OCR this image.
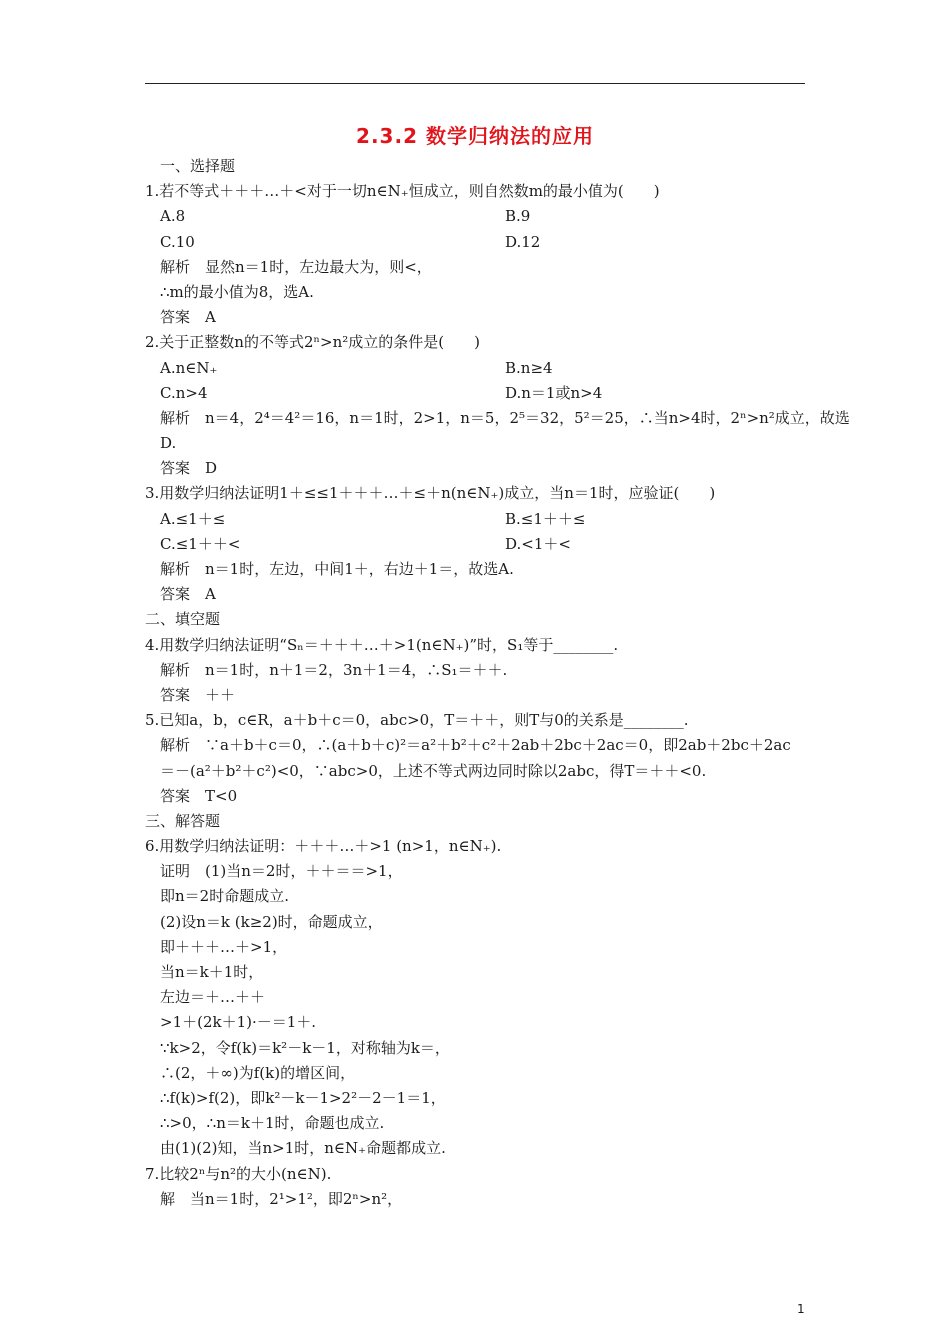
2.3.2 数学归纳法的应用
一、选择题
1.若不等式＋＋＋…＋<对于一切n∈N₊恒成立，则自然数m的最小值为(　　)
A.8	B.9
C.10	D.12
解析　显然n＝1时，左边最大为，则<，
∴m的最小值为8，选A.
答案　A
2.关于正整数n的不等式2ⁿ>n²成立的条件是(　　)
A.n∈N₊	B.n≥4
C.n>4	D.n＝1或n>4
解析　n＝4，2⁴＝4²＝16，n＝1时，2>1，n＝5，2⁵＝32，5²＝25，∴当n>4时，2ⁿ>n²成立，故选
D.
答案　D
3.用数学归纳法证明1＋≤≤1＋＋＋…＋≤＋n(n∈N₊)成立，当n＝1时，应验证(　　)
A.≤1＋≤	B.≤1＋＋≤
C.≤1＋＋<	D.<1＋<
解析　n＝1时，左边，中间1＋，右边＋1＝，故选A.
答案　A
二、填空题
4.用数学归纳法证明“Sₙ＝＋＋＋…＋>1(n∈N₊)”时，S₁等于________.
解析　n＝1时，n＋1＝2，3n＋1＝4，∴S₁＝＋＋.
答案　＋＋
5.已知a，b，c∈R，a＋b＋c＝0，abc>0，T＝＋＋，则T与0的关系是________.
解析　∵a＋b＋c＝0，∴(a＋b＋c)²＝a²＋b²＋c²＋2ab＋2bc＋2ac＝0，即2ab＋2bc＋2ac
＝－(a²＋b²＋c²)<0，∵abc>0，上述不等式两边同时除以2abc，得T＝＋＋<0.
答案　T<0
三、解答题
6.用数学归纳法证明：＋＋＋…＋>1 (n>1，n∈N₊).
证明　(1)当n＝2时，＋＋＝＝>1，
即n＝2时命题成立.
(2)设n＝k (k≥2)时，命题成立，
即＋＋＋…＋>1，
当n＝k＋1时，
左边＝＋…＋＋
>1＋(2k＋1)·－＝1＋.
∵k>2，令f(k)＝k²－k－1，对称轴为k＝，
∴(2，＋∞)为f(k)的增区间，
∴f(k)>f(2)，即k²－k－1>2²－2－1＝1，
∴>0，∴n＝k＋1时，命题也成立.
由(1)(2)知，当n>1时，n∈N₊命题都成立.
7.比较2ⁿ与n²的大小(n∈N).
解　当n＝1时，2¹>1²，即2ⁿ>n²，
1
